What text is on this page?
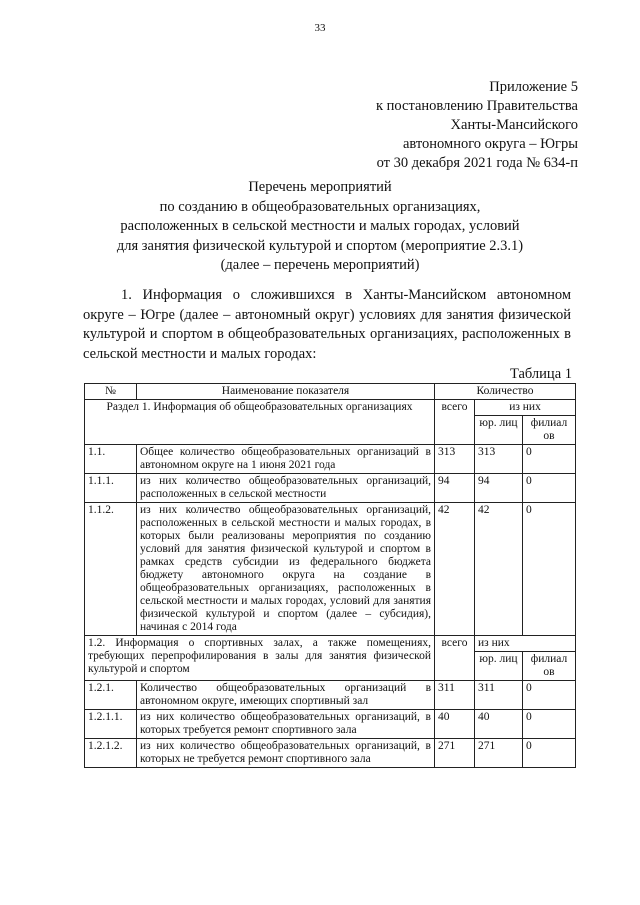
33
Приложение 5
к постановлению Правительства
Ханты-Мансийского
автономного округа – Югры
от 30 декабря 2021 года № 634-п
Перечень мероприятий
по созданию в общеобразовательных организациях,
расположенных в сельской местности и малых городах, условий
для занятия физической культурой и спортом (мероприятие 2.3.1)
(далее – перечень мероприятий)
1. Информация о сложившихся в Ханты-Мансийском автономном округе – Югре (далее – автономный округ) условиях для занятия физической культурой и спортом в общеобразовательных организациях, расположенных в сельской местности и малых городах:
Таблица 1
№	Наименование показателя	Количество		
Раздел 1. Информация об общеобразовательных организациях		всего	из них	
			юр. лиц	филиал ов
1.1.	Общее количество общеобразовательных организаций в автономном округе на 1 июня 2021 года	313	313	0
1.1.1.	из них количество общеобразовательных организаций, расположенных в сельской местности	94	94	0
1.1.2.	из них количество общеобразовательных организаций, расположенных в сельской местности и малых городах, в которых были реализованы мероприятия по созданию условий для занятия физической культурой и спортом в рамках средств субсидии из федерального бюджета бюджету автономного округа на создание в общеобразовательных организациях, расположенных в сельской местности и малых городах, условий для занятия физической культурой и спортом (далее – субсидия), начиная с 2014 года	42	42	0
1.2. Информация о спортивных залах, а также помещениях, требующих перепрофилирования в залы для занятия физической культурой и спортом		всего	из них	
			юр. лиц	филиал ов
1.2.1.	Количество общеобразовательных организаций в автономном округе, имеющих спортивный зал	311	311	0
1.2.1.1.	из них количество общеобразовательных организаций, в которых требуется ремонт спортивного зала	40	40	0
1.2.1.2.	из них количество общеобразовательных организаций, в которых не требуется ремонт спортивного зала	271	271	0
